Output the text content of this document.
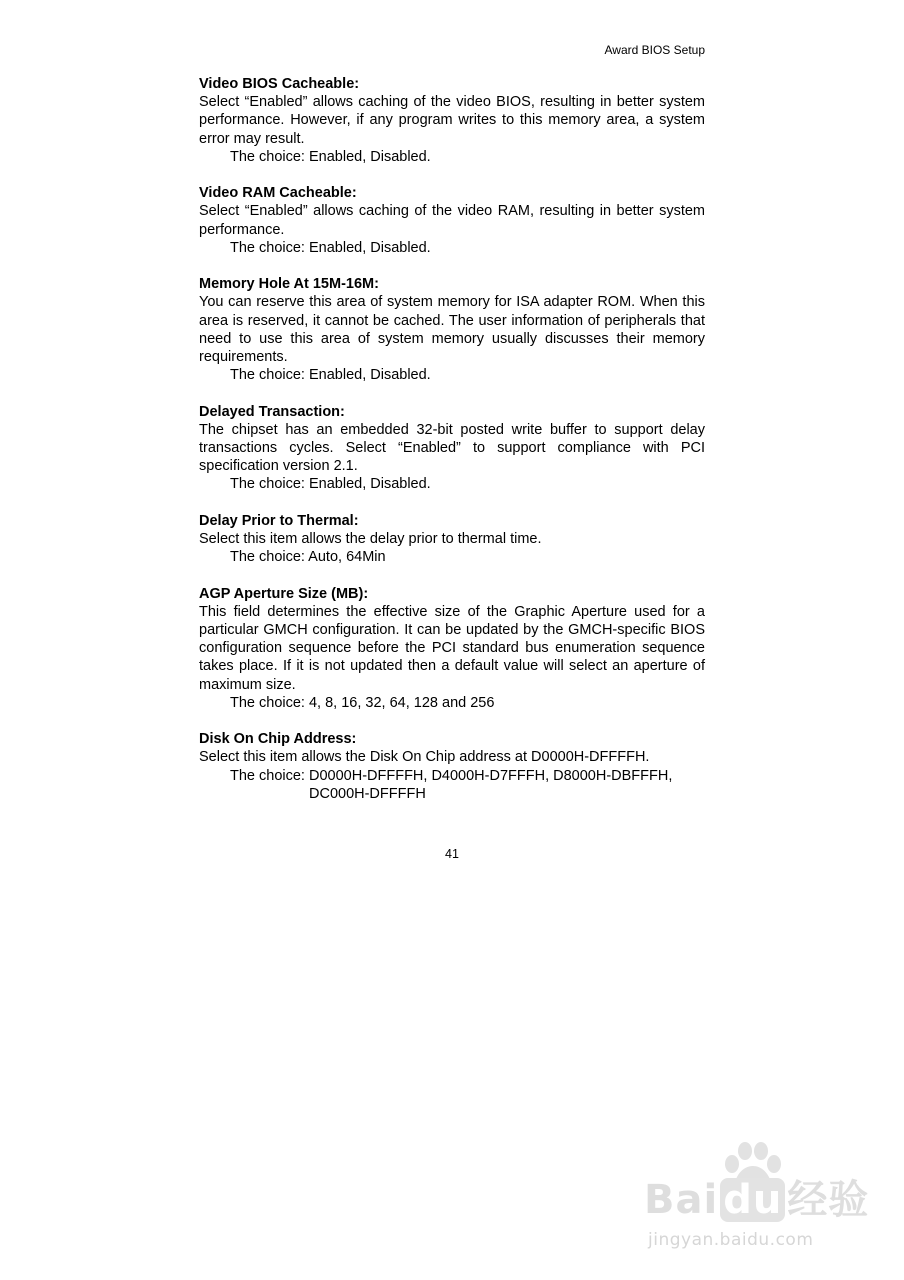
Award BIOS Setup

Video BIOS Cacheable:

Select “Enabled” allows caching of the video BIOS, resulting in better system performance. However, if any program writes to this memory area, a system error may result.

The choice: Enabled, Disabled.

Video RAM Cacheable:

Select “Enabled” allows caching of the video RAM, resulting in better system performance.

The choice: Enabled, Disabled.

Memory Hole At 15M-16M:

You can reserve this area of system memory for ISA adapter ROM. When this area is reserved, it cannot be cached. The user information of peripherals that need to use this area of system memory usually discusses their memory requirements.

The choice: Enabled, Disabled.

Delayed Transaction:

The chipset has an embedded 32-bit posted write buffer to support delay transactions cycles. Select “Enabled” to support compliance with PCI specification version 2.1.

The choice: Enabled, Disabled.

Delay Prior to Thermal:

Select this item allows the delay prior to thermal time.

The choice: Auto, 64Min

AGP Aperture Size (MB):

This field determines the effective size of the Graphic Aperture used for a particular GMCH configuration. It can be updated by the GMCH-specific BIOS configuration sequence before the PCI standard bus enumeration sequence takes place. If it is not updated then a default value will select an aperture of maximum size.

The choice: 4, 8, 16, 32, 64, 128 and 256

Disk On Chip Address:

Select this item allows the Disk On Chip address at D0000H-DFFFFH.

The choice: D0000H-DFFFFH, D4000H-D7FFFH, D8000H-DBFFFH,
DC000H-DFFFFH
41
Bai du 经验
jingyan.baidu.com
